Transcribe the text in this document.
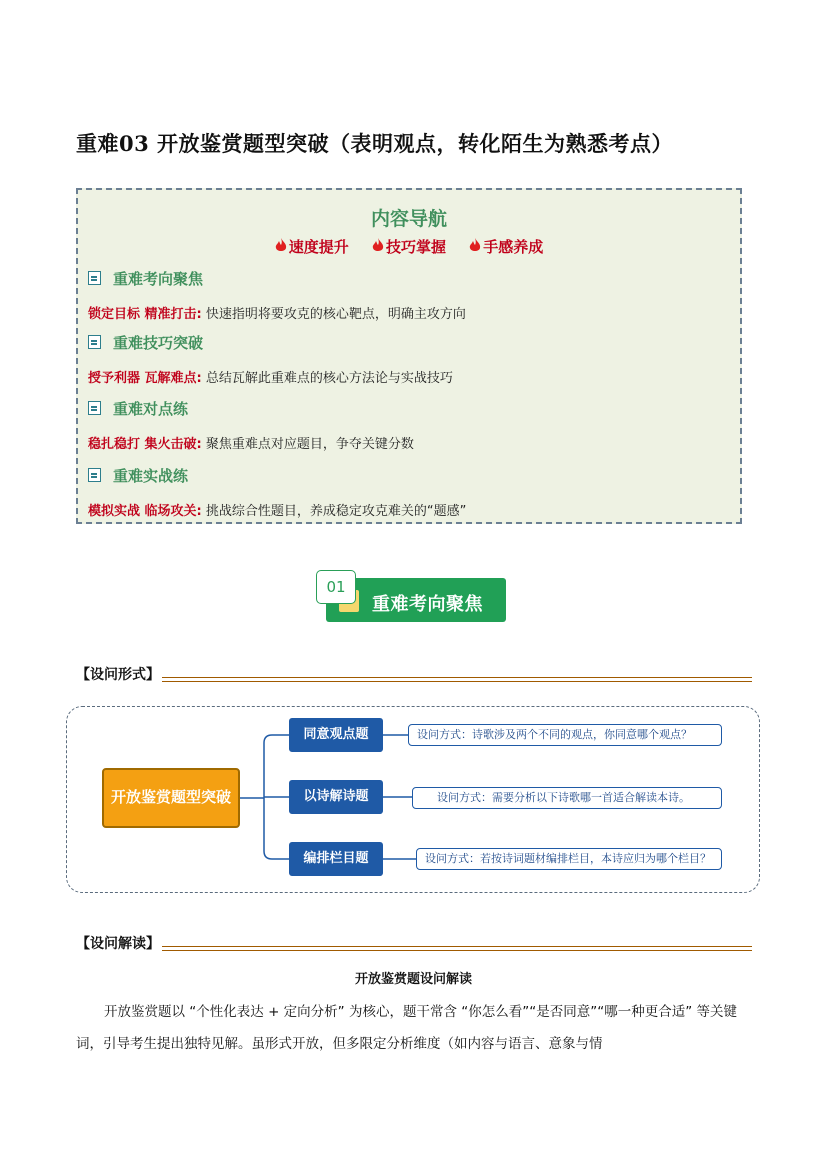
重难03 开放鉴赏题型突破（表明观点，转化陌生为熟悉考点）
内容导航
速度提升 技巧掌握 手感养成
重难考向聚焦
锁定目标 精准打击: 快速指明将要攻克的核心靶点，明确主攻方向
重难技巧突破
授予利器 瓦解难点: 总结瓦解此重难点的核心方法论与实战技巧
重难对点练
稳扎稳打 集火击破: 聚焦重难点对应题目，争夺关键分数
重难实战练
模拟实战 临场攻关: 挑战综合性题目，养成稳定攻克难关的“题感”
01
重难考向聚焦
【设问形式】
开放鉴赏题型突破
同意观点题
以诗解诗题
编排栏目题
设问方式：诗歌涉及两个不同的观点，你同意哪个观点？
设问方式：需要分析以下诗歌哪一首适合解读本诗。
设问方式：若按诗词题材编排栏目，本诗应归为哪个栏目？
【设问解读】
开放鉴赏题设问解读
开放鉴赏题以 “个性化表达 + 定向分析” 为核心，题干常含 “你怎么看”“是否同意”“哪一种更合适” 等关键词，引导考生提出独特见解。虽形式开放，但多限定分析维度（如内容与语言、意象与情
